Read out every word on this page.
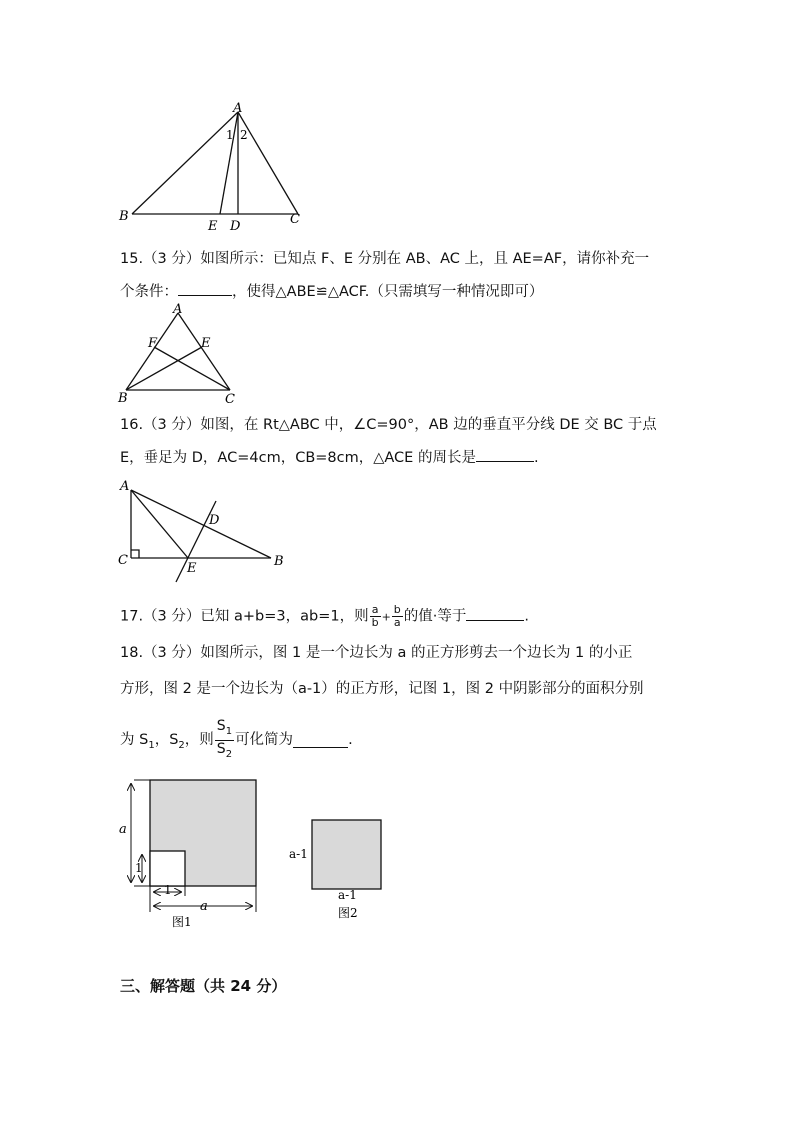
A
1 2
B
E D	C
15.（3 分）如图所示：已知点 F、E 分别在 AB、AC 上，且 AE=AF，请你补充一
个条件：	，使得△ABE≌△ACF.（只需填写一种情况即可）
A
F	E
B	C
16.（3 分）如图，在 Rt△ABC 中，∠C=90°，AB 边的垂直平分线 DE 交 BC 于点
E，垂足为 D，AC=4cm，CB=8cm，△ACE 的周长是	.
A
D
C
E	B
17.（3 分）已知 a+b=3，ab=1，则 $\frac{a}{b} + \frac{b}{a}$ 的值·等于	.
18.（3 分）如图所示，图 1 是一个边长为 a 的正方形剪去一个边长为 1 的小正
方形，图 2 是一个边长为（a-1）的正方形，记图 1，图 2 中阴影部分的面积分别
为 $S_1$，$S_2$，则 $\frac{S_1}{S_2}$ 可化简为	.
a
1
1
a
图1
a-1
a-1
图2
三、解答题（共 24 分）
